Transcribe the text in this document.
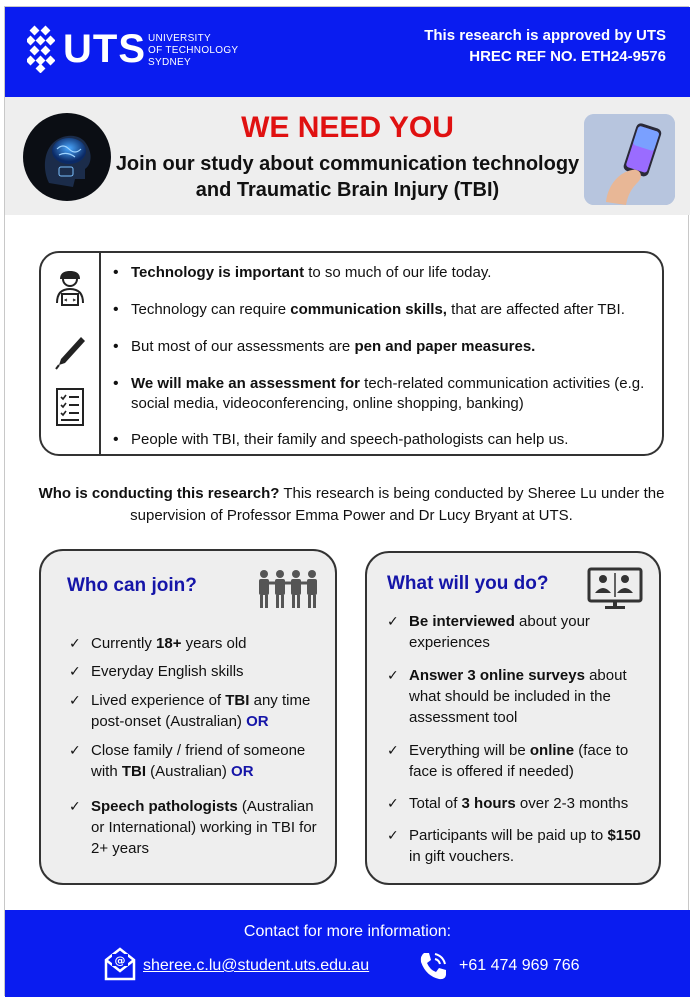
UTS UNIVERSITY
OF TECHNOLOGY
SYDNEY
This research is approved by UTS
HREC REF NO. ETH24-9576
WE NEED YOU
Join our study about communication technology and Traumatic Brain Injury (TBI)
• Technology is important to so much of our life today.
• Technology can require communication skills, that are affected after TBI.
• But most of our assessments are pen and paper measures.
• We will make an assessment for tech-related communication activities (e.g. social media, videoconferencing, online shopping, banking)
• People with TBI, their family and speech-pathologists can help us.
Who is conducting this research? This research is being conducted by Sheree Lu under the supervision of Professor Emma Power and Dr Lucy Bryant at UTS.
Who can join?
✓ Currently 18+ years old
✓ Everyday English skills
✓ Lived experience of TBI any time post-onset (Australian) OR
✓ Close family / friend of someone with TBI (Australian) OR
✓ Speech pathologists (Australian or International) working in TBI for 2+ years
What will you do?
✓ Be interviewed about your experiences
✓ Answer 3 online surveys about what should be included in the assessment tool
✓ Everything will be online (face to face is offered if needed)
✓ Total of 3 hours over 2-3 months
✓ Participants will be paid up to $150 in gift vouchers.
Contact for more information:
@ sheree.c.lu@student.uts.edu.au	+61 474 969 766
